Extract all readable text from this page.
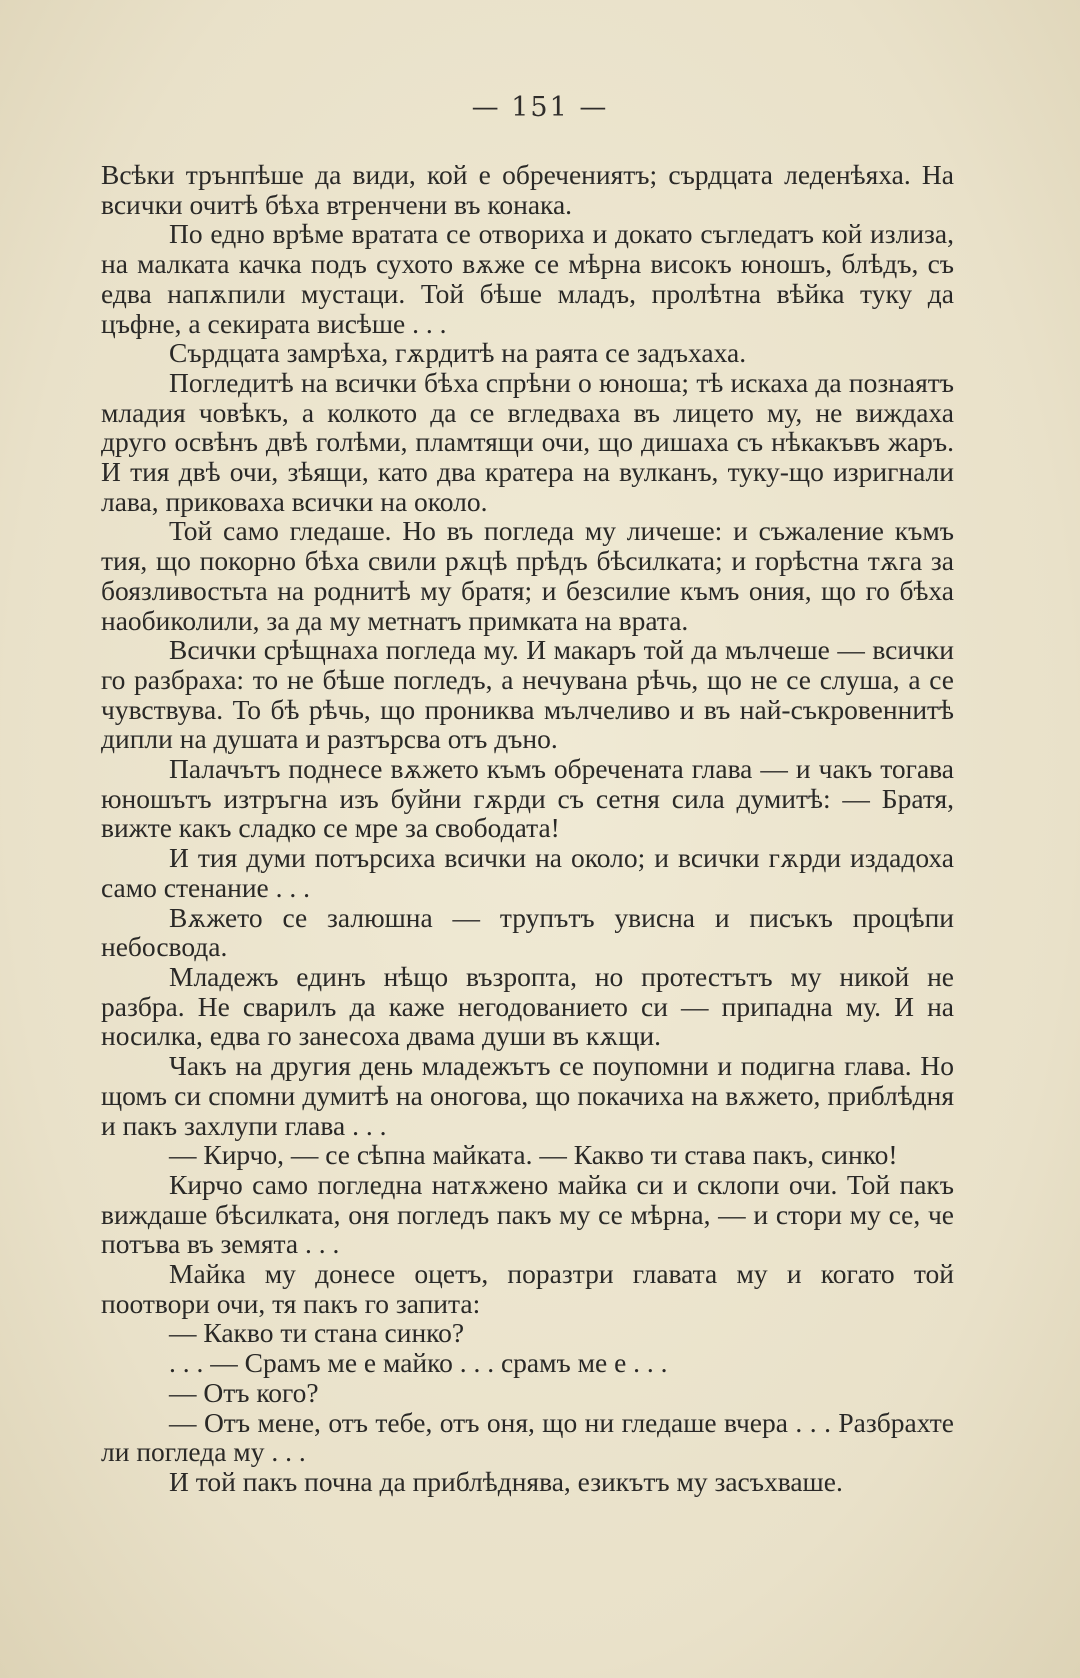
— 151 —

Всѣки трънпѣше да види, кой е обречениятъ; сърдцата леденѣяха. На всички очитѣ бѣха втренчени въ конака.

По едно врѣме вратата се отвориха и докато съгледатъ кой излиза, на малката качка подъ сухото вѫже се мѣрна високъ юношъ, блѣдъ, съ едва напѫпили мустаци. Той бѣше младъ, пролѣтна вѣйка туку да цъфне, а секирата висѣше . . .

Сърдцата замрѣха, гѫрдитѣ на раята се задъхаха.

Погледитѣ на всички бѣха спрѣни о юноша; тѣ искаха да познаятъ младия човѣкъ, а колкото да се вгледваха въ лицето му, не виждаха друго освѣнъ двѣ голѣми, пламтящи очи, що дишаха съ нѣкакъвъ жаръ. И тия двѣ очи, зѣящи, като два кратера на вулканъ, туку-що изригнали лава, приковаха всички на около.

Той само гледаше. Но въ погледа му личеше: и съжаление къмъ тия, що покорно бѣха свили рѫцѣ прѣдъ бѣсилката; и горѣстна тѫга за боязливостьта на роднитѣ му братя; и безсилие къмъ ония, що го бѣха наобиколили, за да му метнатъ примката на врата.

Всички срѣщнаха погледа му. И макаръ той да мълчеше — всички го разбраха: то не бѣше погледъ, а нечувана рѣчь, що не се слуша, а се чувствува. То бѣ рѣчь, що прониква мълчеливо и въ най-съкровеннитѣ дипли на душата и разтърсва отъ дъно.

Палачътъ поднесе вѫжето къмъ обречената глава — и чакъ тогава юношътъ изтръгна изъ буйни гѫрди съ сетня сила думитѣ: — Братя, вижте какъ сладко се мре за свободата!

И тия думи потърсиха всички на около; и всички гѫрди издадоха само стенание . . .

Вѫжето се залюшна — трупътъ увисна и писъкъ процѣпи небосвода.

Младежъ единъ нѣщо възропта, но протестътъ му никой не разбра. Не сварилъ да каже негодованието си — припадна му. И на носилка, едва го занесоха двама души въ кѫщи.

Чакъ на другия день младежътъ се поупомни и подигна глава. Но щомъ си спомни думитѣ на оногова, що покачиха на вѫжето, приблѣдня и пакъ захлупи глава . . .

— Кирчо, — се сѣпна майката. — Какво ти става пакъ, синко!

Кирчо само погледна натѫжено майка си и склопи очи. Той пакъ виждаше бѣсилката, оня погледъ пакъ му се мѣрна, — и стори му се, че потъва въ земята . . .

Майка му донесе оцетъ, поразтри главата му и когато той поотвори очи, тя пакъ го запита:

— Какво ти стана синко?

. . . — Срамъ ме е майко . . . срамъ ме е . . .

— Отъ кого?

— Отъ мене, отъ тебе, отъ оня, що ни гледаше вчера . . . Разбрахте ли погледа му . . .

И той пакъ почна да приблѣднява, езикътъ му засъхваше.
